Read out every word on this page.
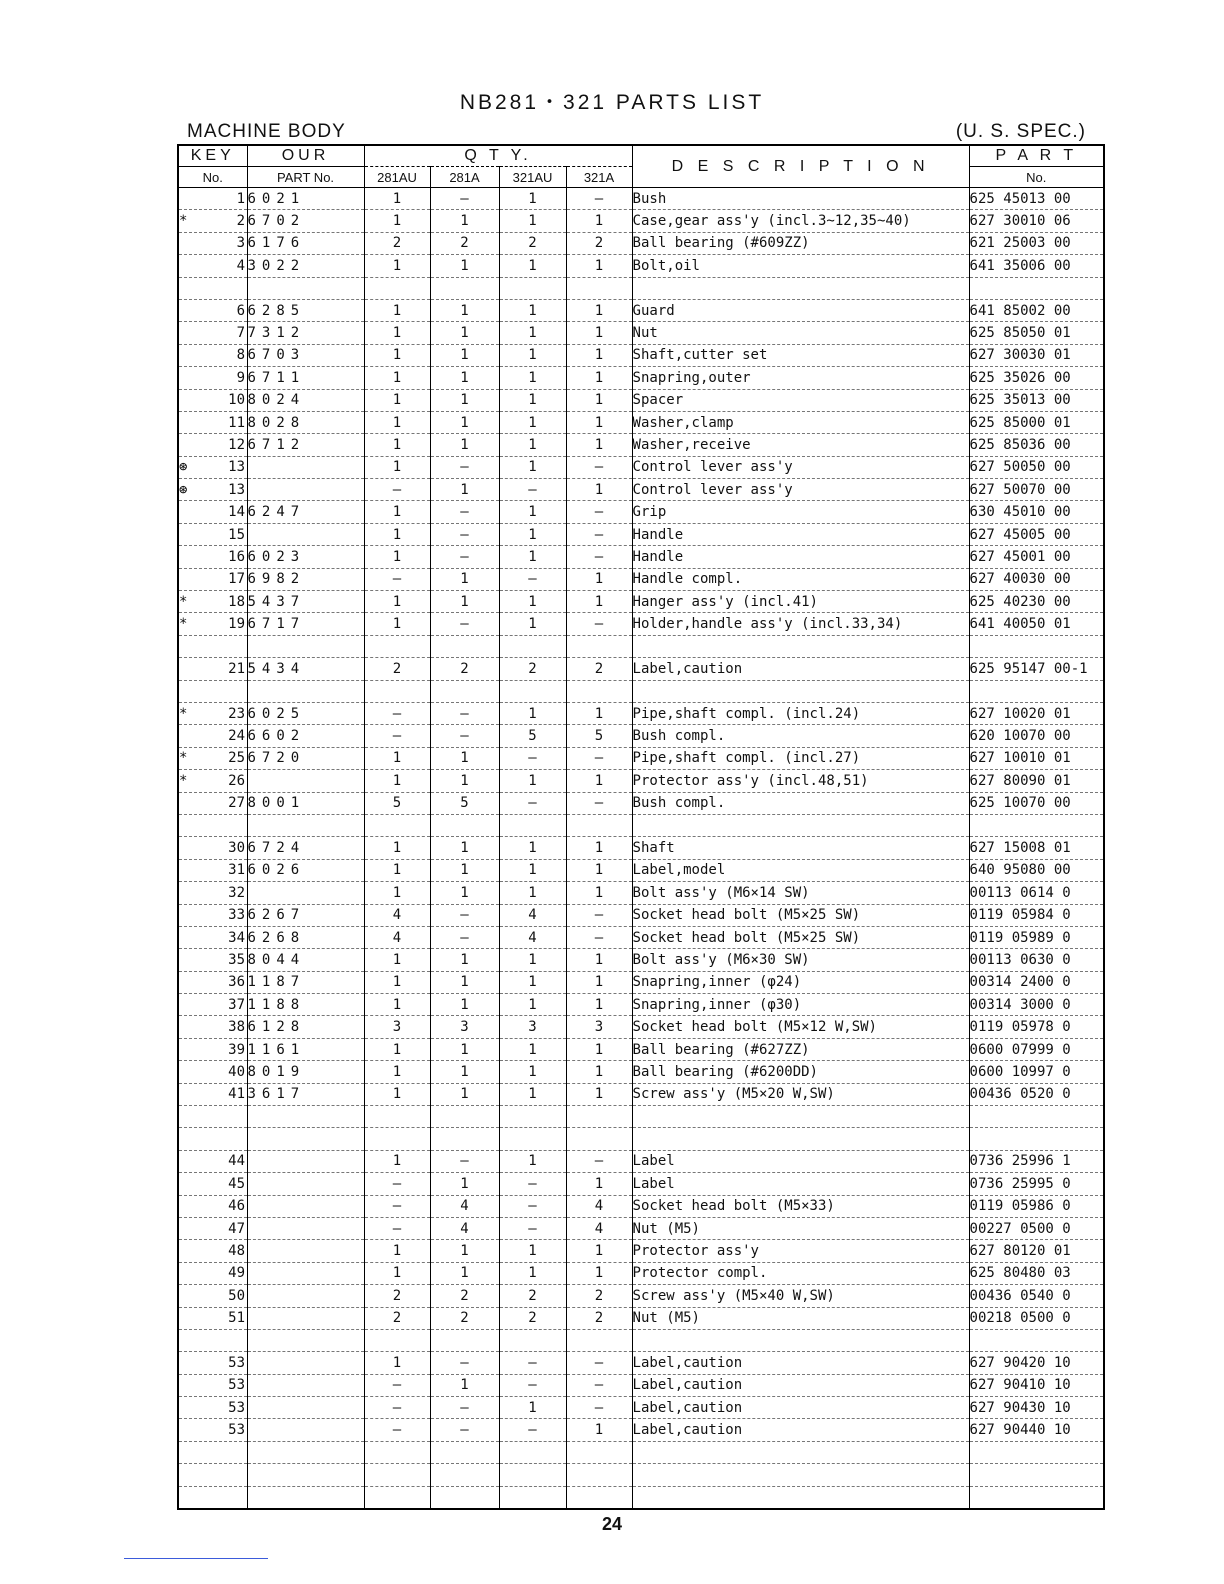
NB281・321 PARTS LIST
MACHINE BODY	(U. S. SPEC.)
KEY	OUR	Q T Y.				D E S C R I P T I O N	P A R T
No.	PART No.	281AU	281A	321AU	321A		No.
1	6021	1	—	1	—	Bush	625 45013 00
* 2	6702	1	1	1	1	Case,gear ass'y (incl.3~12,35~40)	627 30010 06
3	6176	2	2	2	2	Ball bearing (#609ZZ)	621 25003 00
4	3022	1	1	1	1	Bolt,oil	641 35006 00

6	6285	1	1	1	1	Guard	641 85002 00
7	7312	1	1	1	1	Nut	625 85050 01
8	6703	1	1	1	1	Shaft,cutter set	627 30030 01
9	6711	1	1	1	1	Snapring,outer	625 35026 00
10	8024	1	1	1	1	Spacer	625 35013 00
11	8028	1	1	1	1	Washer,clamp	625 85000 01
12	6712	1	1	1	1	Washer,receive	625 85036 00
⊛ 13		1	—	1	—	Control lever ass'y	627 50050 00
⊛ 13		—	1	—	1	Control lever ass'y	627 50070 00
14	6247	1	—	1	—	Grip	630 45010 00
15		1	—	1	—	Handle	627 45005 00
16	6023	1	—	1	—	Handle	627 45001 00
17	6982	—	1	—	1	Handle compl.	627 40030 00
* 18	5437	1	1	1	1	Hanger ass'y (incl.41)	625 40230 00
* 19	6717	1	—	1	—	Holder,handle ass'y (incl.33,34)	641 40050 01

21	5434	2	2	2	2	Label,caution	625 95147 00-1

* 23	6025	—	—	1	1	Pipe,shaft compl. (incl.24)	627 10020 01
24	6602	—	—	5	5	Bush compl.	620 10070 00
* 25	6720	1	1	—	—	Pipe,shaft compl. (incl.27)	627 10010 01
* 26		1	1	1	1	Protector ass'y (incl.48,51)	627 80090 01
27	8001	5	5	—	—	Bush compl.	625 10070 00

30	6724	1	1	1	1	Shaft	627 15008 01
31	6026	1	1	1	1	Label,model	640 95080 00
32		1	1	1	1	Bolt ass'y (M6×14 SW)	00113 0614 0
33	6267	4	—	4	—	Socket head bolt (M5×25 SW)	0119 05984 0
34	6268	4	—	4	—	Socket head bolt (M5×25 SW)	0119 05989 0
35	8044	1	1	1	1	Bolt ass'y (M6×30 SW)	00113 0630 0
36	1187	1	1	1	1	Snapring,inner (φ24)	00314 2400 0
37	1188	1	1	1	1	Snapring,inner (φ30)	00314 3000 0
38	6128	3	3	3	3	Socket head bolt (M5×12 W,SW)	0119 05978 0
39	1161	1	1	1	1	Ball bearing (#627ZZ)	0600 07999 0
40	8019	1	1	1	1	Ball bearing (#6200DD)	0600 10997 0
41	3617	1	1	1	1	Screw ass'y (M5×20 W,SW)	00436 0520 0

44		1	—	1	—	Label	0736 25996 1
45		—	1	—	1	Label	0736 25995 0
46		—	4	—	4	Socket head bolt (M5×33)	0119 05986 0
47		—	4	—	4	Nut (M5)	00227 0500 0
48		1	1	1	1	Protector ass'y	627 80120 01
49		1	1	1	1	Protector compl.	625 80480 03
50		2	2	2	2	Screw ass'y (M5×40 W,SW)	00436 0540 0
51		2	2	2	2	Nut (M5)	00218 0500 0

53		1	—	—	—	Label,caution	627 90420 10
53		—	1	—	—	Label,caution	627 90410 10
53		—	—	1	—	Label,caution	627 90430 10
53		—	—	—	1	Label,caution	627 90440 10

24
